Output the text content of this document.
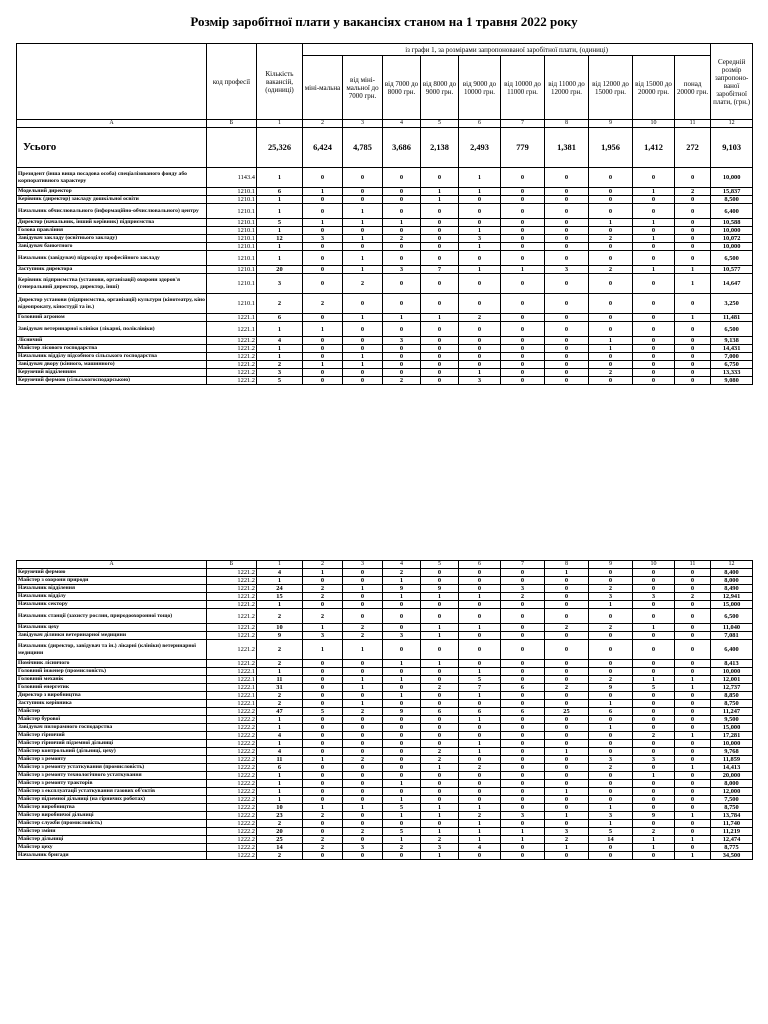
Розмір заробітної плати у вакансіях станом на 1 травня 2022 року
	код професії	Кількість вакансій, (одиниці)	із графи 1, за розмірами запропонованої заробітної плати, (одиниці)										Середній розмір запропоно-ваної заробітної плати, (грн.)
			міні-мальна	від міні-мальної до 7000 грн.	від 7000 до 8000 грн.	від 8000 до 9000 грн.	від 9000 до 10000 грн.	від 10000 до 11000 грн.	від 11000 до 12000 грн.	від 12000 до 15000 грн.	від 15000 до 20000 грн.	понад 20000 грн.	
А	Б	1	2	3	4	5	6	7	8	9	10	11	12
Усього		25,326	6,424	4,785	3,686	2,138	2,493	779	1,381	1,956	1,412	272	9,103
Президент (інша вища посадова особа) спеціалізованого фонду або корпоративного характеру	1143.4	1	0	0	0	0	1	0	0	0	0	0	10,000
Модельний директор	1210.1	6	1	0	0	1	1	0	0	0	1	2	15,837
Керівник (директор) закладу дошкільної освіти	1210.1	1	0	0	0	1	0	0	0	0	0	0	8,500
Начальник обчислювального (інформаційно-обчислювального) центру	1210.1	1	0	1	0	0	0	0	0	0	0	0	6,400
Директор (начальник, інший керівник) підприємства	1210.1	5	1	1	1	0	0	0	0	1	1	0	10,588
Голова правління	1210.1	1	0	0	0	0	1	0	0	0	0	0	10,000
Завідувач закладу (освітнього закладу)	1210.1	12	3	1	2	0	3	0	0	2	1	0	10,072
Завідувач банкетного	1210.1	1	0	0	0	0	1	0	0	0	0	0	10,000
Начальник (завідувач) підрозділу професійного закладу	1210.1	1	0	1	0	0	0	0	0	0	0	0	6,500
Заступник директора	1210.1	20	0	1	3	7	1	1	3	2	1	1	10,577
Керівник підприємства (установи, організації) охорони здоров'я (генеральний директор, директор, інші)	1210.1	3	0	2	0	0	0	0	0	0	0	1	14,647
Директор установи (підприємства, організації) культури (кінотеатру, кіно відеопрокату, кіностудії та ін.)	1210.1	2	2	0	0	0	0	0	0	0	0	0	3,250
Головний агроном	1221.1	6	0	1	1	1	2	0	0	0	0	1	11,481
Завідувач ветеринарної клініки (лікарні, поліклініки)	1221.1	1	1	0	0	0	0	0	0	0	0	0	6,500
Лісничий	1221.2	4	0	0	3	0	0	0	0	1	0	0	9,138
Майстер лісового господарства	1221.2	1	0	0	0	0	0	0	0	1	0	0	14,431
Начальник відділу підсобного сільського господарства	1221.2	1	0	1	0	0	0	0	0	0	0	0	7,000
Завідувач двору (кінного, машинного)	1221.2	2	1	1	0	0	0	0	0	0	0	0	6,750
Керуючий відділенням	1221.2	3	0	0	0	0	1	0	0	2	0	0	13,333
Керуючий фермою (сільськогосподарською)	1221.2	5	0	0	2	0	3	0	0	0	0	0	9,080
А	Б	1	2	3	4	5	6	7	8	9	10	11	12
Керуючий фермою	1221.2	4	1	0	2	0	0	0	1	0	0	0	8,400
Майстер з охорони природи	1221.2	1	0	0	1	0	0	0	0	0	0	0	8,000
Начальник відділення	1221.2	24	2	1	9	9	0	3	0	2	0	0	8,490
Начальник відділу	1221.2	15	2	0	1	1	1	2	0	3	3	2	12,941
Начальник сектору	1221.2	1	0	0	0	0	0	0	0	1	0	0	15,000
Начальник станції (захисту рослин, природоохоронної тощо)	1221.2	2	2	0	0	0	0	0	0	0	0	0	6,500
Начальник цеху	1221.2	10	1	2	0	1	1	0	2	2	1	0	11,040
Завідувач ділянки ветеринарної медицини	1221.2	9	3	2	3	1	0	0	0	0	0	0	7,081
Начальник (директор, завідувач та ін.) лікарні (клініки) ветеринарної медицини	1221.2	2	1	1	0	0	0	0	0	0	0	0	6,400
Помічник лісничого	1221.2	2	0	0	1	1	0	0	0	0	0	0	8,413
Головний інженер (промисловість)	1222.1	1	0	0	0	0	1	0	0	0	0	0	10,000
Головний механік	1222.1	11	0	1	1	0	5	0	0	2	1	1	12,001
Головний енергетик	1222.1	31	0	1	0	2	7	6	2	9	5	1	12,737
Директор з виробництва	1222.1	2	0	0	1	0	1	0	0	0	0	0	8,850
Заступник керівника	1222.1	2	0	1	0	0	0	0	0	1	0	0	8,750
Майстер	1222.2	47	5	2	9	6	6	6	25	6	0	0	11,247
Майстер бурової	1222.2	1	0	0	0	0	1	0	0	0	0	0	9,500
Завідувач пилорамного господарства	1222.2	1	0	0	0	0	0	0	0	1	0	0	15,000
Майстер гірничий	1222.2	4	0	0	0	0	0	0	0	0	2	1	17,281
Майстер гірничий підземної дільниці	1222.2	1	0	0	0	0	1	0	0	0	0	0	10,000
Майстер контрольний (дільниці, цеху)	1222.2	4	0	0	0	2	1	0	1	0	0	0	9,768
Майстер з ремонту	1222.2	11	1	2	0	2	0	0	0	3	3	0	11,859
Майстер з ремонту устаткування (промисловість)	1222.2	6	0	0	0	1	2	0	0	2	0	1	14,413
Майстер з ремонту технологічного устаткування	1222.2	1	0	0	0	0	0	0	0	0	1	0	20,000
Майстер з ремонту тракторів	1222.2	1	0	0	1	0	0	0	0	0	0	0	8,000
Майстер з експлуатації устаткування газових об'єктів	1222.2	1	0	0	0	0	0	0	1	0	0	0	12,000
Майстер підземної дільниці (на гірничих роботах)	1222.2	1	0	0	1	0	0	0	0	0	0	0	7,500
Майстер виробництва	1222.2	10	1	1	5	1	1	0	0	1	0	0	8,750
Майстер виробничої дільниці	1222.2	23	2	0	1	1	2	3	1	3	9	1	13,784
Майстер служби (промисловість)	1222.2	2	0	0	0	0	1	0	0	1	0	0	11,740
Майстер зміни	1222.2	20	0	2	5	1	1	1	3	5	2	0	11,219
Майстер дільниці	1222.2	25	2	0	1	2	1	1	2	14	1	1	12,474
Майстер цеху	1222.2	14	2	3	2	3	4	0	1	0	1	0	8,775
Начальник бригади	1222.2	2	0	0	0	1	0	0	0	0	0	1	34,500
